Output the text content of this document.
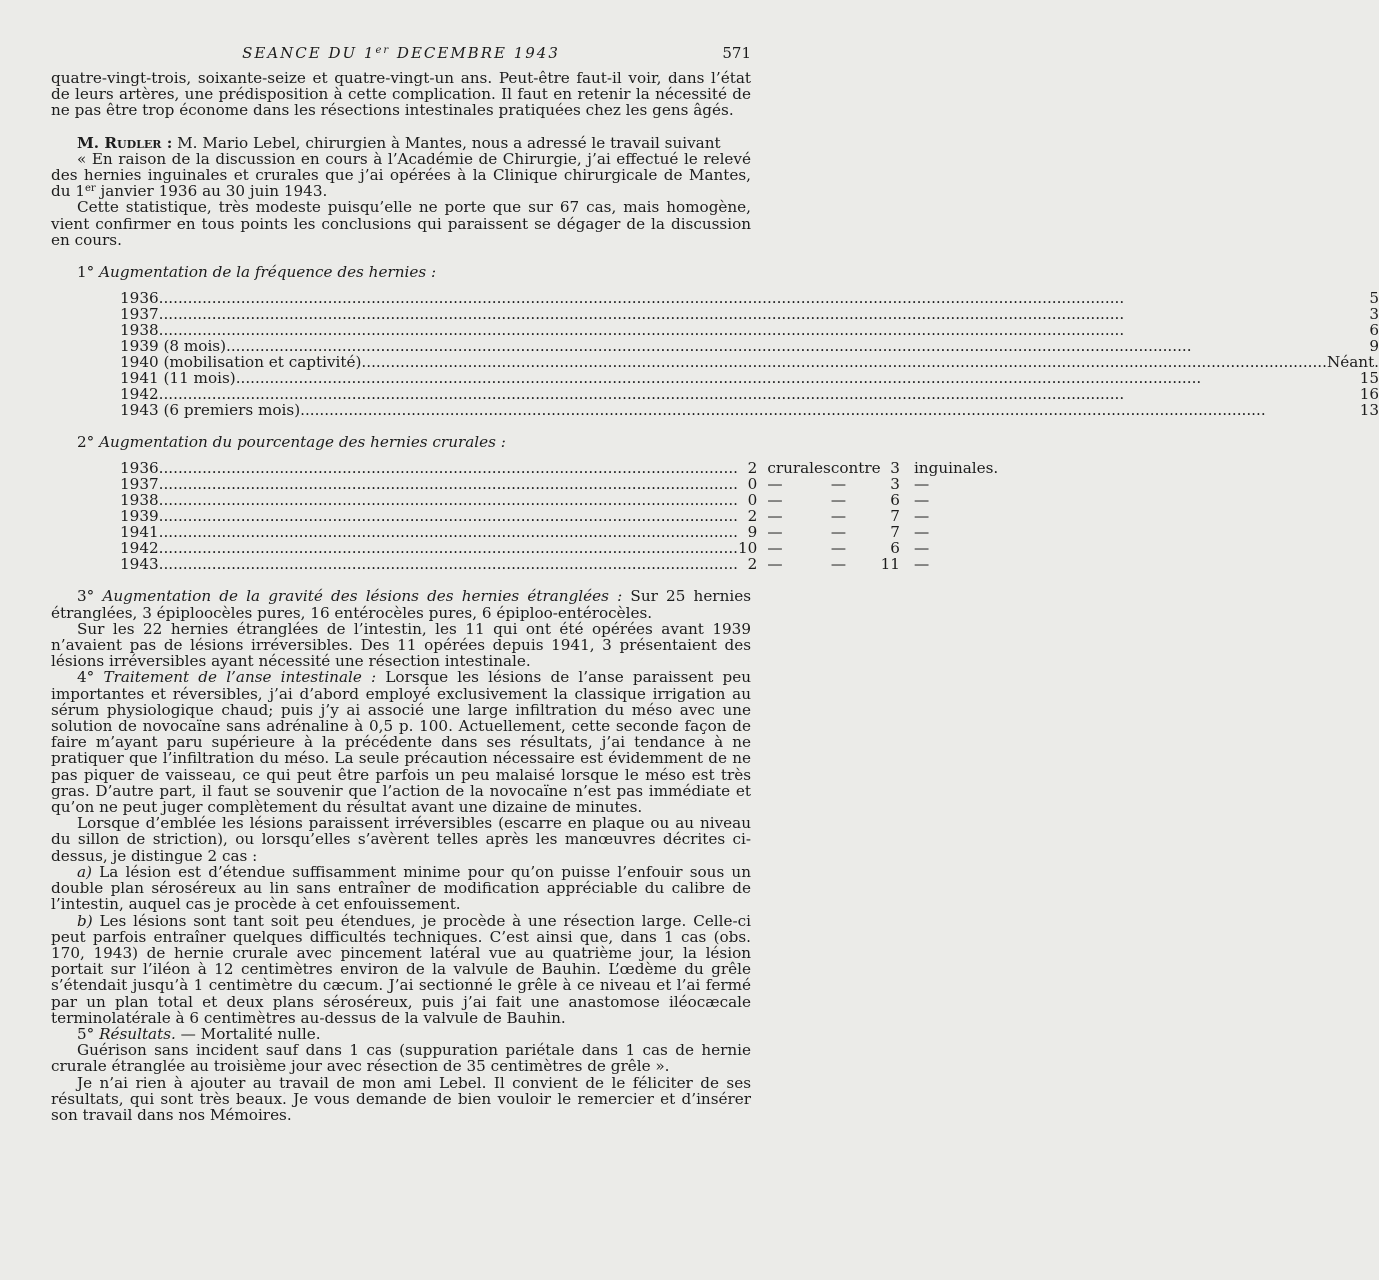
SEANCE DU 1er DECEMBRE 1943	571

quatre-vingt-trois, soixante-seize et quatre-vingt-un ans. Peut-être faut-il voir, dans l’état de leurs artères, une prédisposition à cette complication. Il faut en retenir la nécessité de ne pas être trop économe dans les résections intestinales pratiquées chez les gens âgés.

M. Rudler : M. Mario Lebel, chirurgien à Mantes, nous a adressé le travail suivant

« En raison de la discussion en cours à l’Académie de Chirurgie, j’ai effectué le relevé des hernies inguinales et crurales que j’ai opérées à la Clinique chirurgicale de Mantes, du 1er janvier 1936 au 30 juin 1943.

Cette statistique, très modeste puisqu’elle ne porte que sur 67 cas, mais homogène, vient confirmer en tous points les conclusions qui paraissent se dégager de la discussion en cours.

1° Augmentation de la fréquence des hernies :

1936........................................................................................................................................................................................................	5
1937........................................................................................................................................................................................................	3
1938........................................................................................................................................................................................................	6
1939 (8 mois)........................................................................................................................................................................................................	9
1940 (mobilisation et captivité)........................................................................................................................................................................................................	Néant.
1941 (11 mois)........................................................................................................................................................................................................	15
1942........................................................................................................................................................................................................	16
1943 (6 premiers mois)........................................................................................................................................................................................................	13

2° Augmentation du pourcentage des hernies crurales :

1936........................................................................................................................	2	crurales	contre	3	inguinales.
1937........................................................................................................................	0	—	—	3	—
1938........................................................................................................................	0	—	—	6	—
1939........................................................................................................................	2	—	—	7	—
1941........................................................................................................................	9	—	—	7	—
1942........................................................................................................................	10	—	—	6	—
1943........................................................................................................................	2	—	—	11	—

3° Augmentation de la gravité des lésions des hernies étranglées : Sur 25 hernies étranglées, 3 épiploocèles pures, 16 entérocèles pures, 6 épiploo-entérocèles.

Sur les 22 hernies étranglées de l’intestin, les 11 qui ont été opérées avant 1939 n’avaient pas de lésions irréversibles. Des 11 opérées depuis 1941, 3 présentaient des lésions irréversibles ayant nécessité une résection intestinale.

4° Traitement de l’anse intestinale : Lorsque les lésions de l’anse paraissent peu importantes et réversibles, j’ai d’abord employé exclusivement la classique irrigation au sérum physiologique chaud; puis j’y ai associé une large infiltration du méso avec une solution de novocaïne sans adrénaline à 0,5 p. 100. Actuellement, cette seconde façon de faire m’ayant paru supérieure à la précédente dans ses résultats, j’ai tendance à ne pratiquer que l’infiltration du méso. La seule précaution nécessaire est évidemment de ne pas piquer de vaisseau, ce qui peut être parfois un peu malaisé lorsque le méso est très gras. D’autre part, il faut se souvenir que l’action de la novocaïne n’est pas immédiate et qu’on ne peut juger complètement du résultat avant une dizaine de minutes.

Lorsque d’emblée les lésions paraissent irréversibles (escarre en plaque ou au niveau du sillon de striction), ou lorsqu’elles s’avèrent telles après les manœuvres décrites ci-dessus, je distingue 2 cas :

a) La lésion est d’étendue suffisamment minime pour qu’on puisse l’enfouir sous un double plan séroséreux au lin sans entraîner de modification appréciable du calibre de l’intestin, auquel cas je procède à cet enfouissement.

b) Les lésions sont tant soit peu étendues, je procède à une résection large. Celle-ci peut parfois entraîner quelques difficultés techniques. C’est ainsi que, dans 1 cas (obs. 170, 1943) de hernie crurale avec pincement latéral vue au quatrième jour, la lésion portait sur l’iléon à 12 centimètres environ de la valvule de Bauhin. L’œdème du grêle s’étendait jusqu’à 1 centimètre du cæcum. J’ai sectionné le grêle à ce niveau et l’ai fermé par un plan total et deux plans séroséreux, puis j’ai fait une anastomose iléocæcale terminolatérale à 6 centimètres au-dessus de la valvule de Bauhin.

5° Résultats. — Mortalité nulle.

Guérison sans incident sauf dans 1 cas (suppuration pariétale dans 1 cas de hernie crurale étranglée au troisième jour avec résection de 35 centimètres de grêle ».

Je n’ai rien à ajouter au travail de mon ami Lebel. Il convient de le féliciter de ses résultats, qui sont très beaux. Je vous demande de bien vouloir le remercier et d’insérer son travail dans nos Mémoires.
